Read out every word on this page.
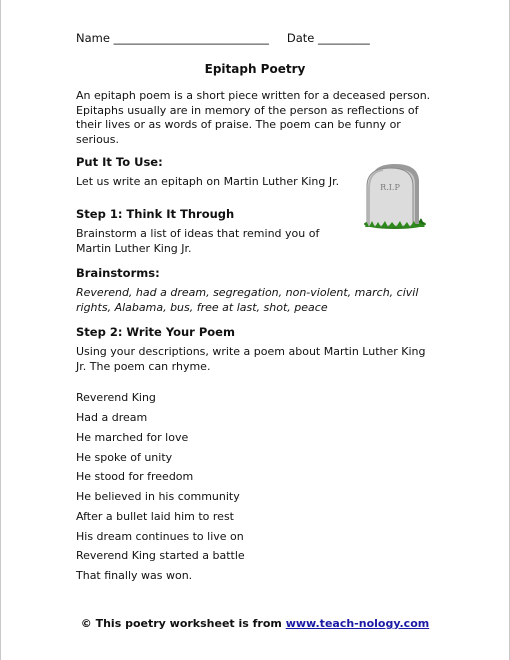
Name ___________________________ Date _________
Epitaph Poetry
An epitaph poem is a short piece written for a deceased person. Epitaphs usually are in memory of the person as reflections of their lives or as words of praise. The poem can be funny or serious.
Put It To Use:
Let us write an epitaph on Martin Luther King Jr.
Step 1: Think It Through
Brainstorm a list of ideas that remind you of Martin Luther King Jr.
Brainstorms:
Reverend, had a dream, segregation, non-violent, march, civil rights, Alabama, bus, free at last, shot, peace
Step 2: Write Your Poem
Using your descriptions, write a poem about Martin Luther King Jr. The poem can rhyme.
Reverend King
Had a dream
He marched for love
He spoke of unity
He stood for freedom
He believed in his community
After a bullet laid him to rest
His dream continues to live on
Reverend King started a battle
That finally was won.
R.I.P
© This poetry worksheet is from www.teach-nology.com
